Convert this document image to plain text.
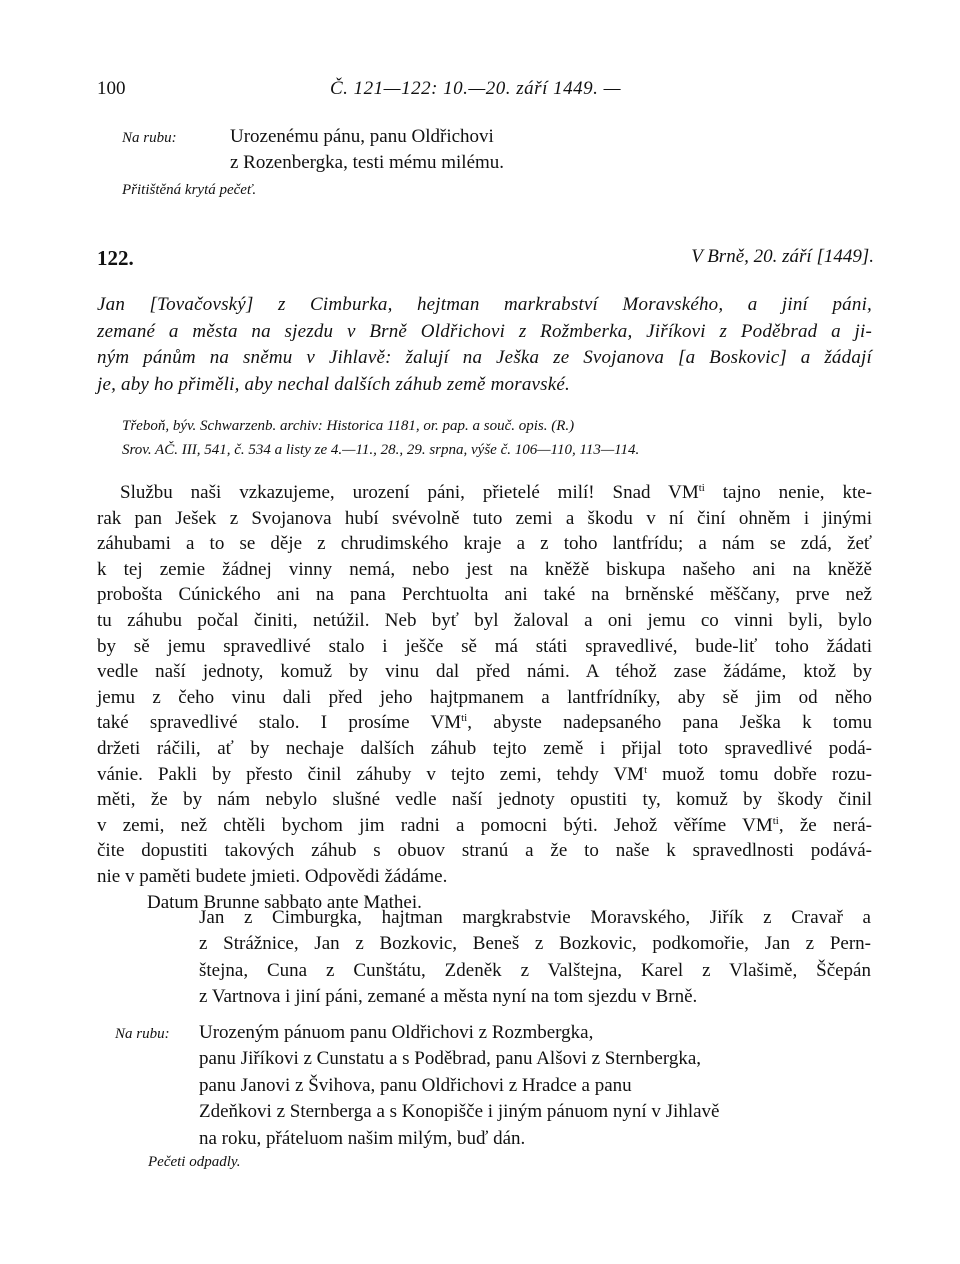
100	Č. 121—122: 10.—20. září 1449. —
Na rubu:	Urozenému pánu, panu Oldřichovi
z Rozenbergka, testi mému milému.
Přitištěná krytá pečeť.
122.	V Brně, 20. září [1449].
Jan [Tovačovský] z Cimburka, hejtman markrabství Moravského, a jiní páni,
zemané a města na sjezdu v Brně Oldřichovi z Rožmberka, Jiříkovi z Poděbrad a ji-
ným pánům na sněmu v Jihlavě: žalují na Ješka ze Svojanova [a Boskovic] a žádají
je, aby ho přiměli, aby nechal dalších záhub země moravské.
Třeboň, býv. Schwarzenb. archiv: Historica 1181, or. pap. a souč. opis. (R.)
Srov. AČ. III, 541, č. 534 a listy ze 4.—11., 28., 29. srpna, výše č. 106—110, 113—114.
Službu naši vzkazujeme, urození páni, přietelé milí! Snad $VM^{ti}$ tajno nenie, kte-
rak pan Ješek z Svojanova hubí svévolně tuto zemi a škodu v ní činí ohněm i jinými
záhubami a to se děje z chrudimského kraje a z toho lantfrídu; a nám se zdá, žeť
k tej zemie žádnej vinny nemá, nebo jest na kněžě biskupa našeho ani na kněžě
probošta Cúnického ani na pana Perchtuolta ani také na brněnské měščany, prve než
tu záhubu počal činiti, netúžil. Neb byť byl žaloval a oni jemu co vinni byli, bylo
by sě jemu spravedlivé stalo i ješče sě má státi spravedlivé, bude-liť toho žádati
vedle naší jednoty, komuž by vinu dal před námi. A téhož zase žádáme, ktož by
jemu z čeho vinu dali před jeho hajtpmanem a lantfrídníky, aby sě jim od něho
také spravedlivé stalo. I prosíme $VM^{ti}$, abyste nadepsaného pana Ješka k tomu
držeti ráčili, ať by nechaje dalších záhub tejto země i přijal toto spravedlivé podá-
vánie. Pakli by přesto činil záhuby v tejto zemi, tehdy $VM^t$ muož tomu dobře rozu-
měti, že by nám nebylo slušné vedle naší jednoty opustiti ty, komuž by škody činil
v zemi, než chtěli bychom jim radni a pomocni býti. Jehož věříme $VM^{ti}$, že nerá-
čite dopustiti takových záhub s obuov stranú a že to naše k spravedlnosti podává-
nie v paměti budete jmieti. Odpovědi žádáme.
Datum Brunne sabbato ante Mathei.
Jan z Cimburgka, hajtman margkrabstvie Moravského, Jiřík z Cravař a
z Strážnice, Jan z Bozkovic, Beneš z Bozkovic, podkomořie, Jan z Pern-
štejna, Cuna z Cunštátu, Zdeněk z Valštejna, Karel z Vlašimě, Ščepán
z Vartnova i jiní páni, zemané a města nyní na tom sjezdu v Brně.
Na rubu: Urozeným pánuom panu Oldřichovi z Rozmbergka,
panu Jiříkovi z Cunstatu a s Poděbrad, panu Alšovi z Sternbergka,
panu Janovi z Švihova, panu Oldřichovi z Hradce a panu
Zdeňkovi z Sternberga a s Konopišče i jiným pánuom nyní v Jihlavě
na roku, přáteluom našim milým, buď dán.
Pečeti odpadly.
